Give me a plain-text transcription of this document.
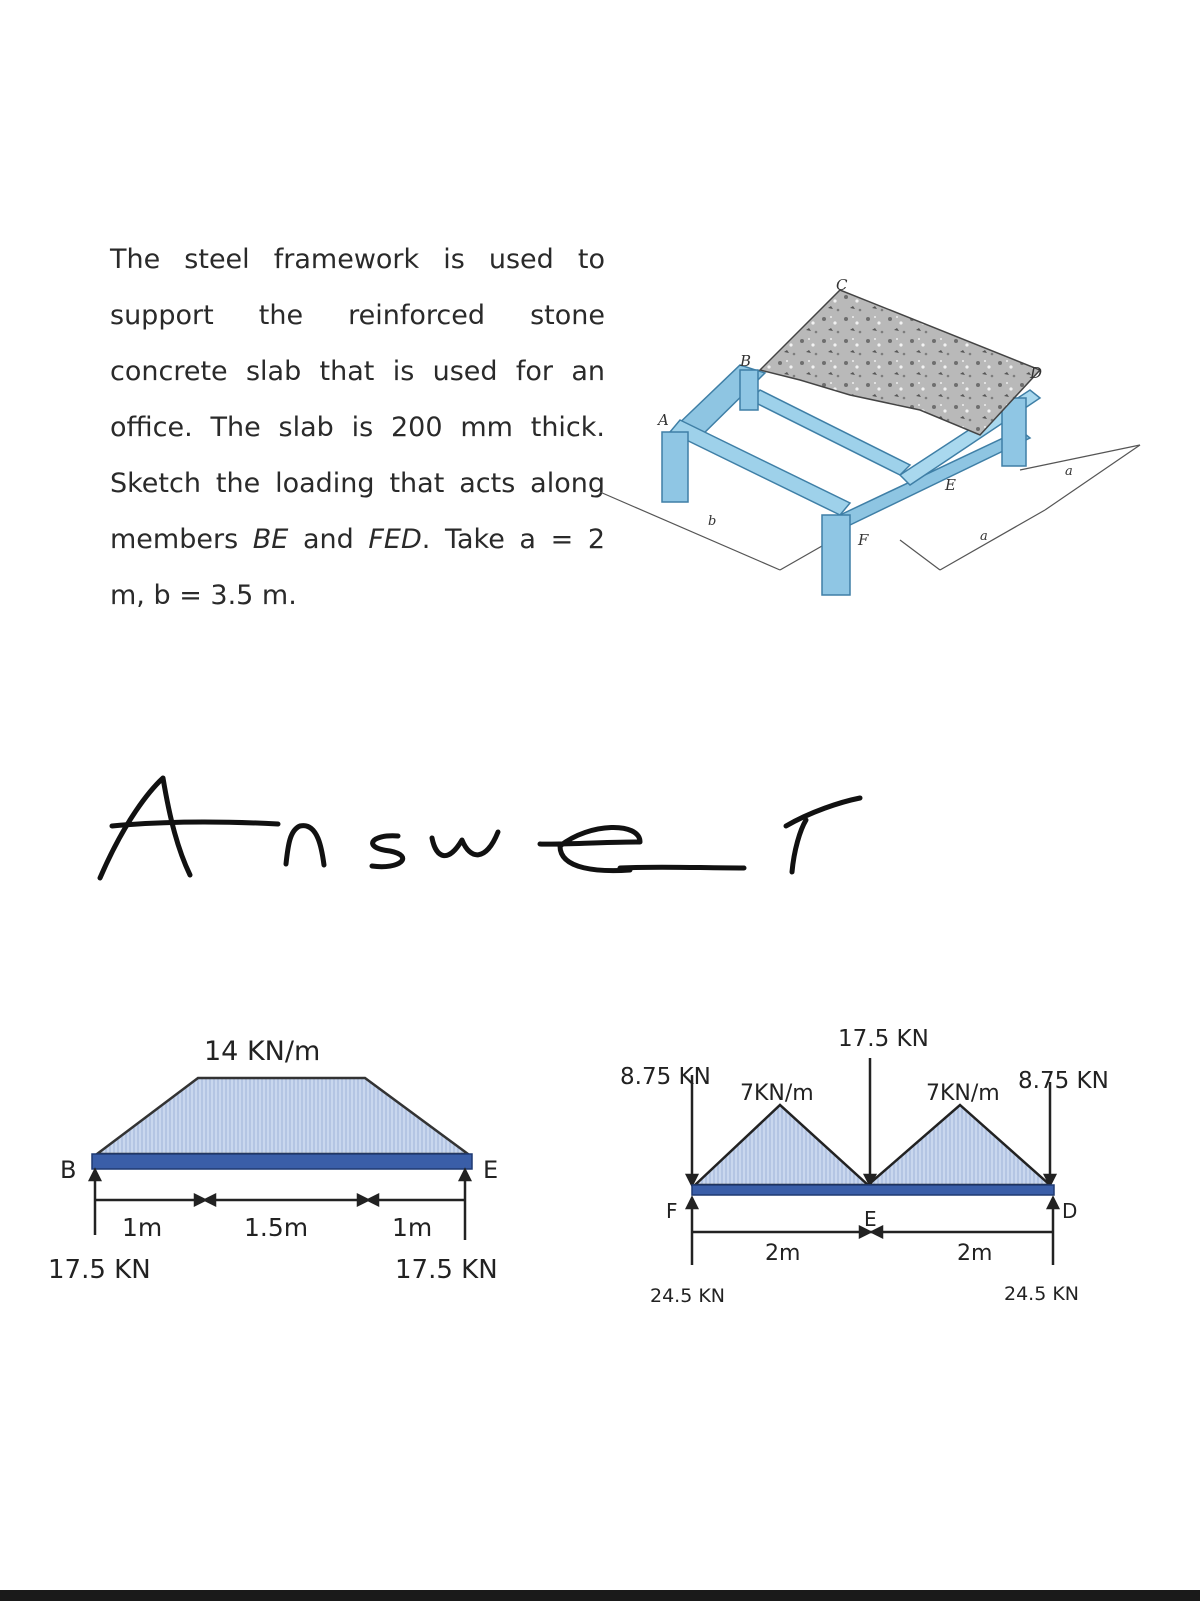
The steel framework is used to support the reinforced stone concrete slab that is used for an office. The slab is 200 mm thick. Sketch the loading that acts along members BE and FED. Take a = 2 m, b = 3.5 m.
A
B
C
D
E
F
a
a
b
14 KN/m
B	E
1m	1.5m	1m
17.5 KN	17.5 KN
17.5 KN
8.75 KN	8.75 KN
7KN/m	7KN/m
F	E	D
2m	2m
24.5 KN	24.5 KN
